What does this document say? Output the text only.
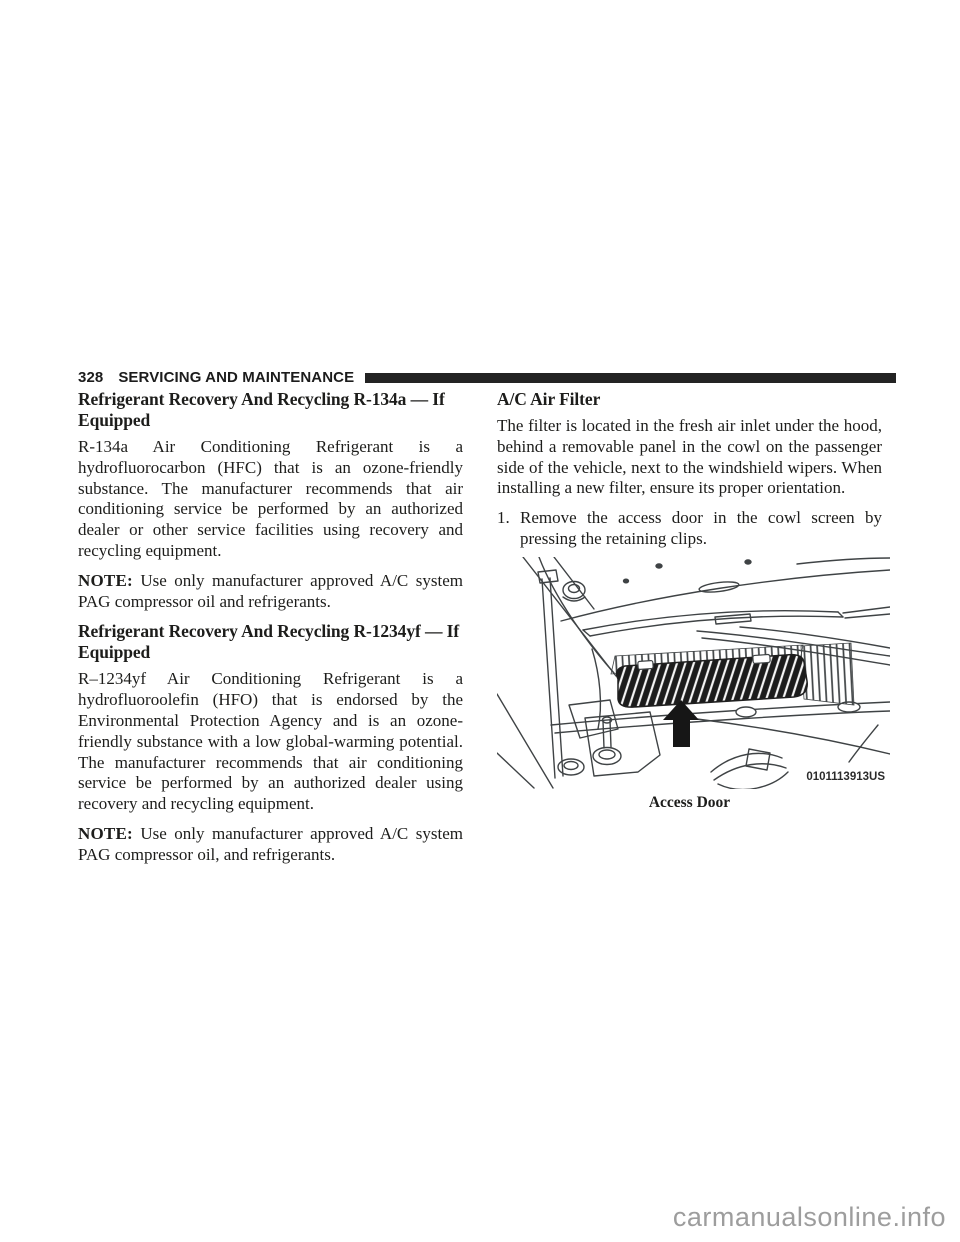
328 SERVICING AND MAINTENANCE
Refrigerant Recovery And Recycling R-134a — If Equipped

R-134a Air Conditioning Refrigerant is a hydrofluorocarbon (HFC) that is an ozone-friendly substance. The manufacturer recommends that air conditioning service be performed by an authorized dealer or other service facilities using recovery and recycling equipment.

NOTE: Use only manufacturer approved A/C system PAG compressor oil and refrigerants.

Refrigerant Recovery And Recycling R-1234yf — If Equipped

R–1234yf Air Conditioning Refrigerant is a hydrofluoroolefin (HFO) that is endorsed by the Environmental Protection Agency and is an ozone-friendly substance with a low global-warming potential. The manufacturer recommends that air conditioning service be performed by an authorized dealer using recovery and recycling equipment.

NOTE: Use only manufacturer approved A/C system PAG compressor oil, and refrigerants.

A/C Air Filter

The filter is located in the fresh air inlet under the hood, behind a removable panel in the cowl on the passenger side of the vehicle, next to the windshield wipers. When installing a new filter, ensure its proper orientation.

1. Remove the access door in the cowl screen by pressing the retaining clips.
0101113913US
Access Door
carmanualsonline.info
